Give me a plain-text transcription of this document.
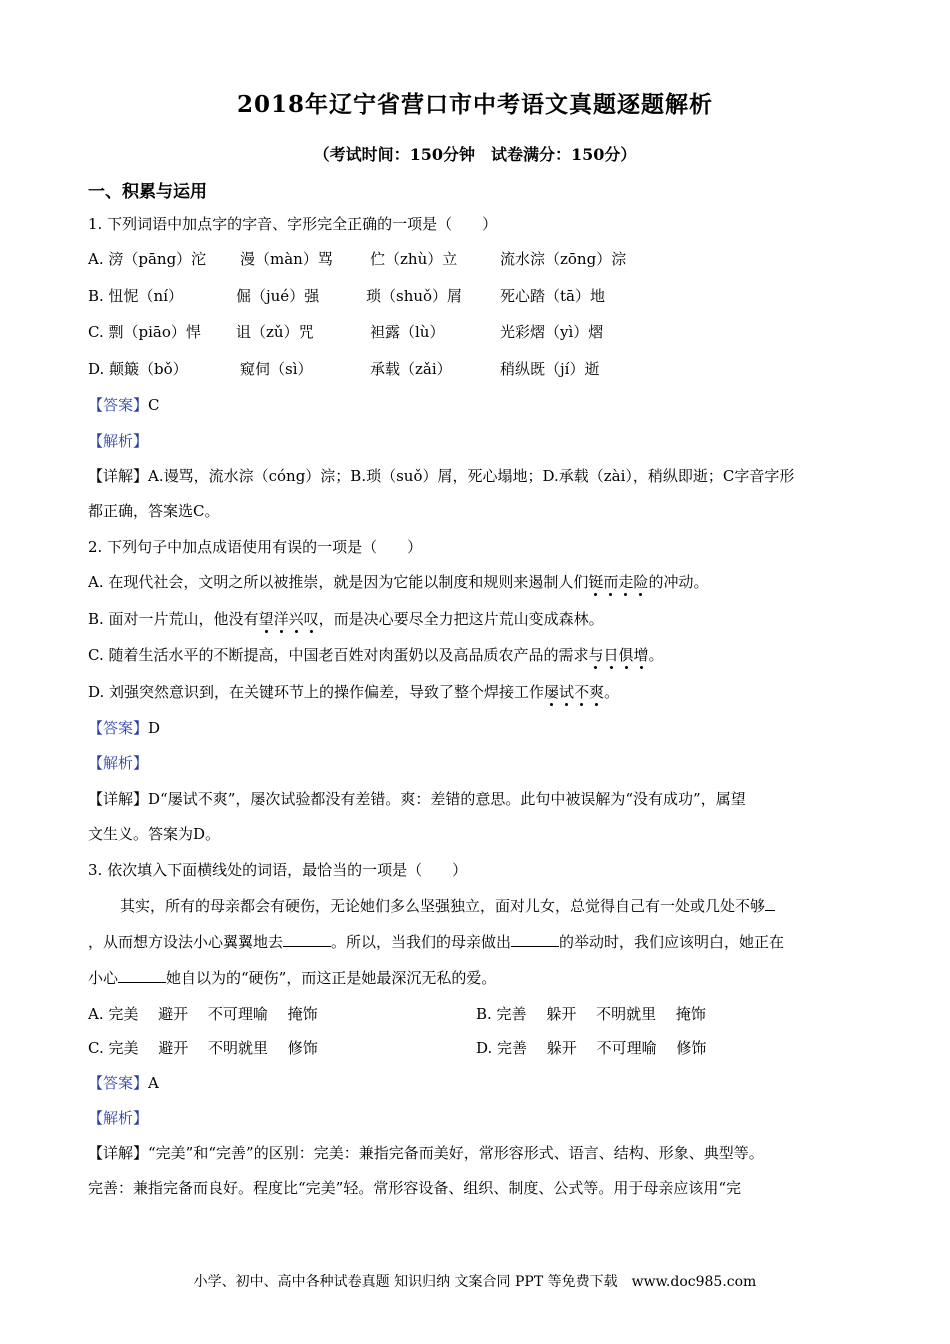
2018年辽宁省营口市中考语文真题逐题解析
（考试时间：150分钟　试卷满分：150分）
一、积累与运用
1. 下列词语中加点字的字音、字形完全正确的一项是（　　）
A. 滂（pāng）沱 漫（màn）骂 伫（zhù）立	流水淙（zōng）淙
B. 忸怩（ní）	倔（jué）强	琐（shuǒ）屑	死心踏（tā）地
C. 剽（piāo）悍 诅（zǔ）咒	袒露（lù）	光彩熠（yì）熠
D. 颠簸（bǒ）	窥伺（sì）	承载（zǎi）	稍纵既（jí）逝
【答案】C
【解析】
【详解】A.谩骂，流水淙（cóng）淙；B.琐（suǒ）屑，死心塌地；D.承载（zài），稍纵即逝；C字音字形
都正确，答案选C。
2. 下列句子中加点成语使用有误的一项是（　　）
A. 在现代社会，文明之所以被推崇，就是因为它能以制度和规则来遏制人们铤而走险的冲动。
B. 面对一片荒山，他没有望洋兴叹，而是决心要尽全力把这片荒山变成森林。
C. 随着生活水平的不断提高，中国老百姓对肉蛋奶以及高品质农产品的需求与日俱增。
D. 刘强突然意识到，在关键环节上的操作偏差，导致了整个焊接工作屡试不爽。
【答案】D
【解析】
【详解】D“屡试不爽”，屡次试验都没有差错。爽：差错的意思。此句中被误解为“没有成功”，属望
文生义。答案为D。
3. 依次填入下面横线处的词语，最恰当的一项是（　　）
其实，所有的母亲都会有硬伤，无论她们多么坚强独立，面对儿女，总觉得自己有一处或几处不够
，从而想方设法小心翼翼地去	。所以，当我们的母亲做出	的举动时，我们应该明白，她正在
小心	她自以为的“硬伤”，而这正是她最深沉无私的爱。
A. 完美　 避开　 不可理喻　 掩饰	B. 完善　 躲开　 不明就里　 掩饰
C. 完美　 避开　 不明就里　 修饰	D. 完善　 躲开　 不可理喻　 修饰
【答案】A
【解析】
【详解】“完美”和“完善”的区别：完美：兼指完备而美好，常形容形式、语言、结构、形象、典型等。
完善：兼指完备而良好。程度比“完美”轻。常形容设备、组织、制度、公式等。用于母亲应该用“完
小学、初中、高中各种试卷真题 知识归纳 文案合同 PPT 等免费下载　www.doc985.com
